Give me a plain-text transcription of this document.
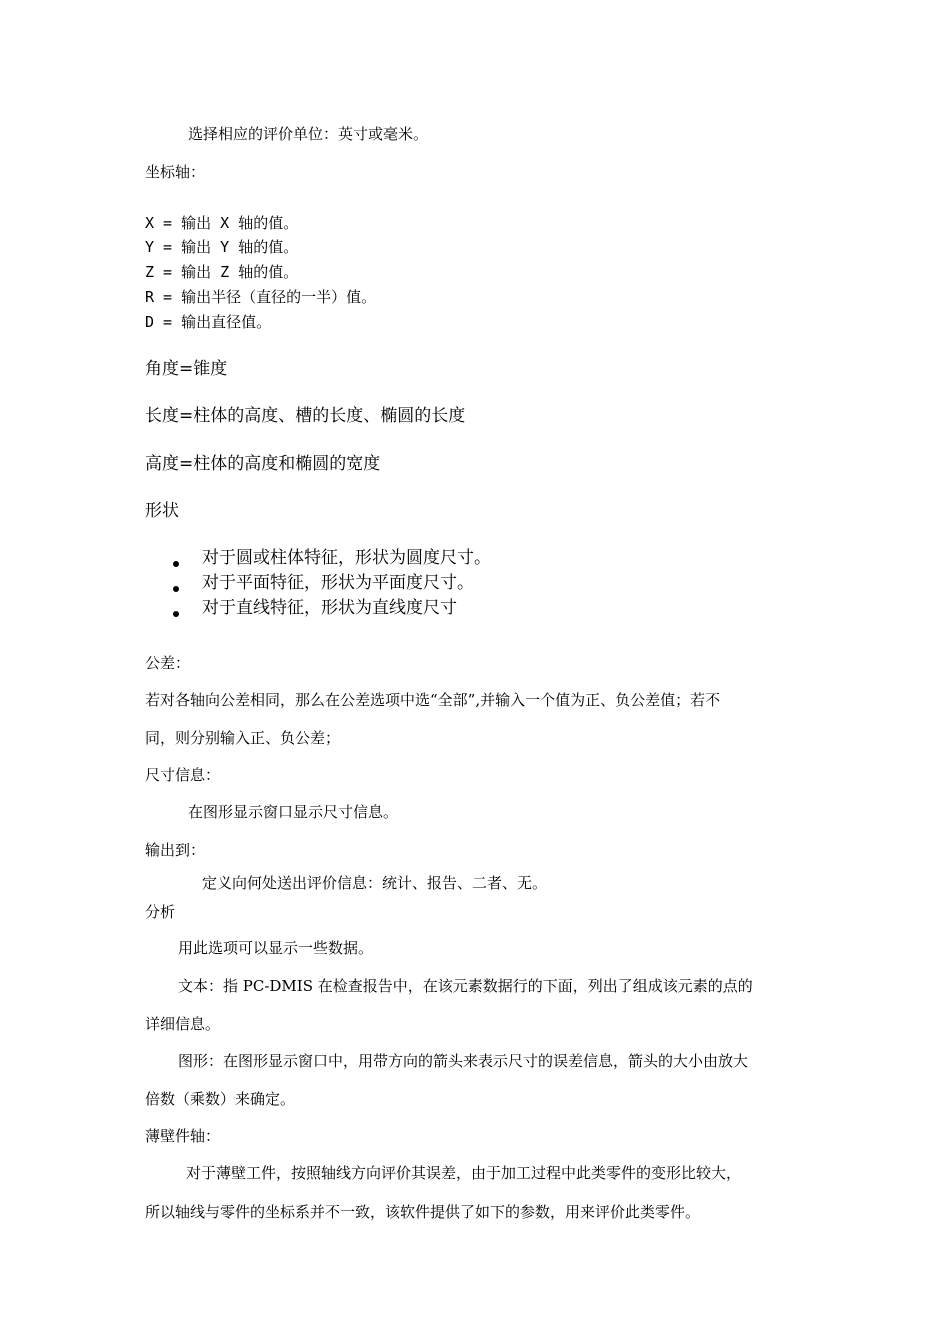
选择相应的评价单位：英寸或毫米。
坐标轴：
X = 输出 X 轴的值。
Y = 输出 Y 轴的值。
Z = 输出 Z 轴的值。
R = 输出半径（直径的一半）值。
D = 输出直径值。
角度=锥度
长度=柱体的高度、槽的长度、椭圆的长度
高度=柱体的高度和椭圆的宽度
形状
对于圆或柱体特征，形状为圆度尺寸。
对于平面特征，形状为平面度尺寸。
对于直线特征，形状为直线度尺寸
公差：
若对各轴向公差相同，那么在公差选项中选“全部”,并输入一个值为正、负公差值；若不
同，则分别输入正、负公差；
尺寸信息：
在图形显示窗口显示尺寸信息。
输出到：
定义向何处送出评价信息：统计、报告、二者、无。
分析
用此选项可以显示一些数据。
文本：指 PC-DMIS 在检查报告中，在该元素数据行的下面，列出了组成该元素的点的
详细信息。
图形：在图形显示窗口中，用带方向的箭头来表示尺寸的误差信息，箭头的大小由放大
倍数（乘数）来确定。
薄壁件轴：
对于薄壁工件，按照轴线方向评价其误差，由于加工过程中此类零件的变形比较大，
所以轴线与零件的坐标系并不一致，该软件提供了如下的参数，用来评价此类零件。
